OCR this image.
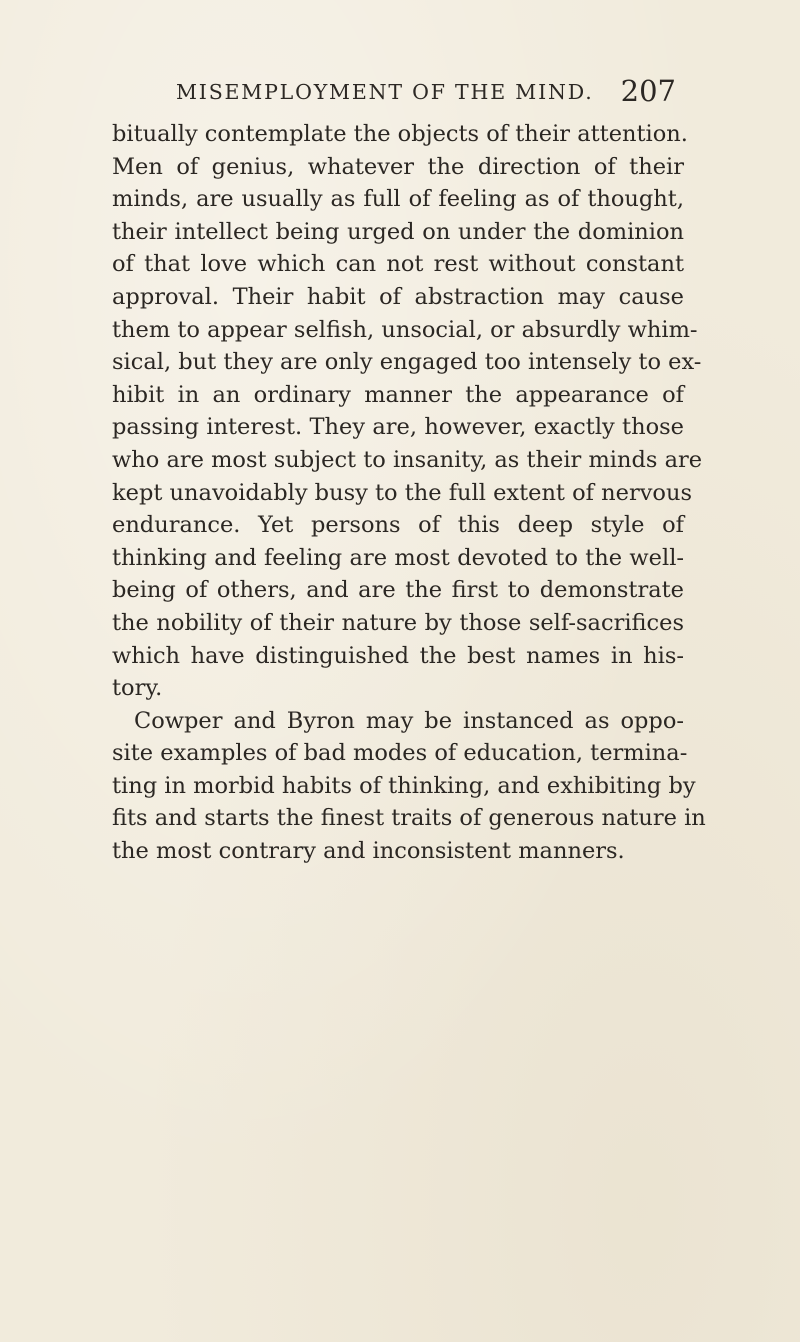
MISEMPLOYMENT OF THE MIND. 207
bitually contemplate the objects of their attention.
Men of genius, whatever the direction of their
minds, are usually as full of feeling as of thought,
their intellect being urged on under the dominion
of that love which can not rest without constant
approval. Their habit of abstraction may cause
them to appear selfish, unsocial, or absurdly whim-
sical, but they are only engaged too intensely to ex-
hibit in an ordinary manner the appearance of
passing interest. They are, however, exactly those
who are most subject to insanity, as their minds are
kept unavoidably busy to the full extent of nervous
endurance. Yet persons of this deep style of
thinking and feeling are most devoted to the well-
being of others, and are the first to demonstrate
the nobility of their nature by those self-sacrifices
which have distinguished the best names in his-
tory.
Cowper and Byron may be instanced as oppo-
site examples of bad modes of education, termina-
ting in morbid habits of thinking, and exhibiting by
fits and starts the finest traits of generous nature in
the most contrary and inconsistent manners.
